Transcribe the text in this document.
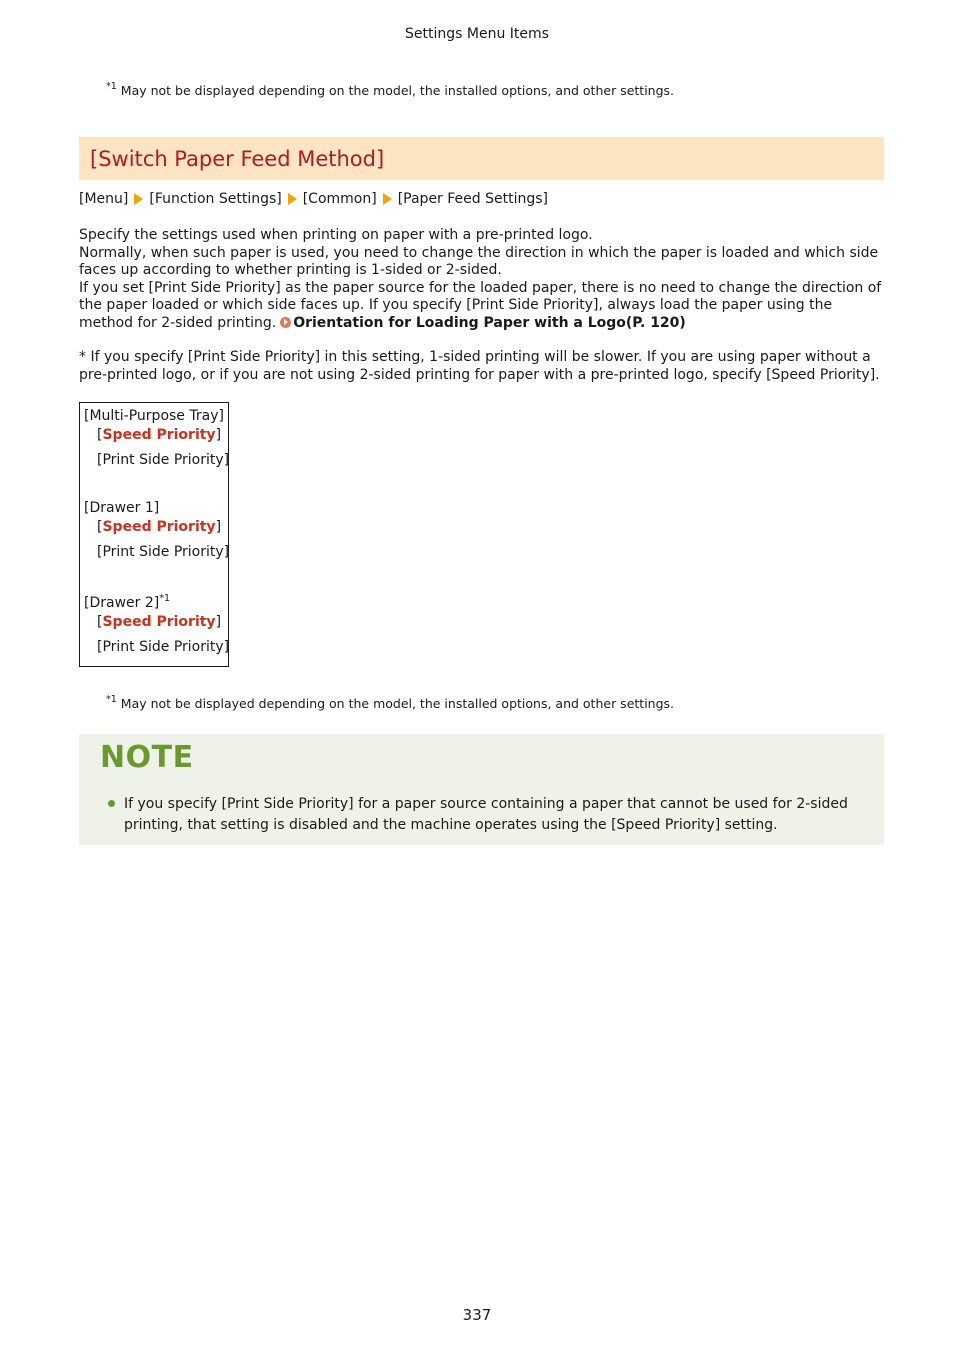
Settings Menu Items
$^{*1}$ May not be displayed depending on the model, the installed options, and other settings.
[Switch Paper Feed Method]
[Menu] [Function Settings] [Common] [Paper Feed Settings]
Specify the settings used when printing on paper with a pre-printed logo.
Normally, when such paper is used, you need to change the direction in which the paper is loaded and which side faces up according to whether printing is 1-sided or 2-sided.
If you set [Print Side Priority] as the paper source for the loaded paper, there is no need to change the direction of the paper loaded or which side faces up. If you specify [Print Side Priority], always load the paper using the method for 2-sided printing. Orientation for Loading Paper with a Logo(P. 120)
* If you specify [Print Side Priority] in this setting, 1-sided printing will be slower. If you are using paper without a pre-printed logo, or if you are not using 2-sided printing for paper with a pre-printed logo, specify [Speed Priority].
[Multi-Purpose Tray]
[Speed Priority]
[Print Side Priority]
[Drawer 1]
[Speed Priority]
[Print Side Priority]
[Drawer 2]$^{*1}$
[Speed Priority]
[Print Side Priority]
$^{*1}$ May not be displayed depending on the model, the installed options, and other settings.
NOTE
If you specify [Print Side Priority] for a paper source containing a paper that cannot be used for 2-sided printing, that setting is disabled and the machine operates using the [Speed Priority] setting.
337
